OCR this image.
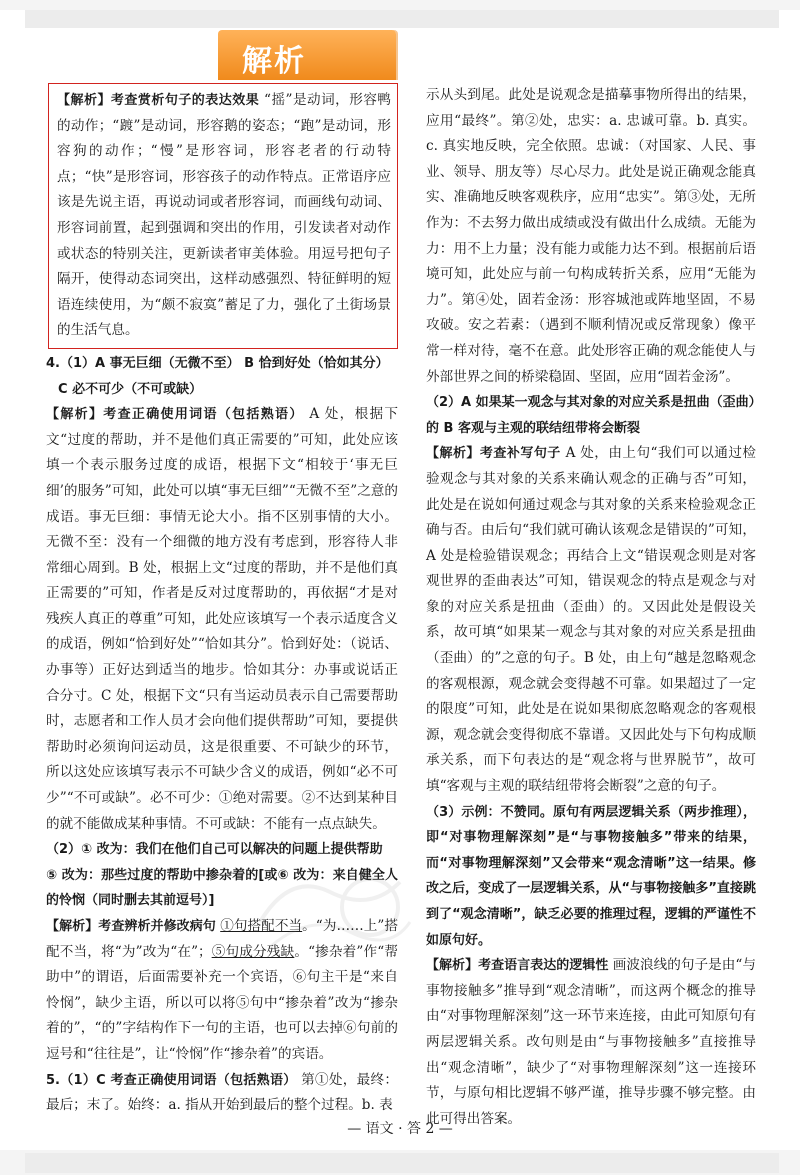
解析

【解析】考查赏析句子的表达效果 “摇”是动词，形容鸭的动作；“踱”是动词，形容鹅的姿态；“跑”是动词，形容狗的动作；“慢”是形容词，形容老者的行动特点；“快”是形容词，形容孩子的动作特点。正常语序应该是先说主语，再说动词或者形容词，而画线句动词、形容词前置，起到强调和突出的作用，引发读者对动作或状态的特别关注，更新读者审美体验。用逗号把句子隔开，使得动态词突出，这样动感强烈、特征鲜明的短语连续使用，为“颇不寂寞”蓄足了力，强化了土街场景的生活气息。

4.（1）A 事无巨细（无微不至） B 恰到好处（恰如其分）

C 必不可少（不可或缺）

【解析】考查正确使用词语（包括熟语） A 处，根据下文“过度的帮助，并不是他们真正需要的”可知，此处应该填一个表示服务过度的成语，根据下文“相较于‘事无巨细’的服务”可知，此处可以填“事无巨细”“无微不至”之意的成语。事无巨细：事情无论大小。指不区别事情的大小。无微不至：没有一个细微的地方没有考虑到，形容待人非常细心周到。B 处，根据上文“过度的帮助，并不是他们真正需要的”可知，作者是反对过度帮助的，再依据“才是对残疾人真正的尊重”可知，此处应该填写一个表示适度含义的成语，例如“恰到好处”“恰如其分”。恰到好处：（说话、办事等）正好达到适当的地步。恰如其分：办事或说话正合分寸。C 处，根据下文“只有当运动员表示自己需要帮助时，志愿者和工作人员才会向他们提供帮助”可知，要提供帮助时必须询问运动员，这是很重要、不可缺少的环节，所以这处应该填写表示不可缺少含义的成语，例如“必不可少”“不可或缺”。必不可少：①绝对需要。②不达到某种目的就不能做成某种事情。不可或缺：不能有一点点缺失。

（2）① 改为：我们在他们自己可以解决的问题上提供帮助

⑤ 改为：那些过度的帮助中掺杂着的[或⑥ 改为：来自健全人的怜悯（同时删去其前逗号）]

【解析】考查辨析并修改病句 ①句搭配不当。“为……上”搭配不当，将“为”改为“在”；⑤句成分残缺。“掺杂着”作“帮助中”的谓语，后面需要补充一个宾语，⑥句主干是“来自怜悯”，缺少主语，所以可以将⑤句中“掺杂着”改为“掺杂着的”，“的”字结构作下一句的主语，也可以去掉⑥句前的逗号和“往往是”，让“怜悯”作“掺杂着”的宾语。

5.（1）C 考查正确使用词语（包括熟语） 第①处，最终：最后；末了。始终：a. 指从开始到最后的整个过程。b. 表

示从头到尾。此处是说观念是描摹事物所得出的结果，应用“最终”。第②处，忠实：a. 忠诚可靠。b. 真实。c. 真实地反映，完全依照。忠诚：（对国家、人民、事业、领导、朋友等）尽心尽力。此处是说正确观念能真实、准确地反映客观秩序，应用“忠实”。第③处，无所作为：不去努力做出成绩或没有做出什么成绩。无能为力：用不上力量；没有能力或能力达不到。根据前后语境可知，此处应与前一句构成转折关系，应用“无能为力”。第④处，固若金汤：形容城池或阵地坚固，不易攻破。安之若素：（遇到不顺利情况或反常现象）像平常一样对待，毫不在意。此处形容正确的观念能使人与外部世界之间的桥梁稳固、坚固，应用“固若金汤”。

（2）A 如果某一观念与其对象的对应关系是扭曲（歪曲）

的 B 客观与主观的联结纽带将会断裂

【解析】考查补写句子 A 处，由上句“我们可以通过检验观念与其对象的关系来确认观念的正确与否”可知，此处是在说如何通过观念与其对象的关系来检验观念正确与否。由后句“我们就可确认该观念是错误的”可知，A 处是检验错误观念；再结合上文“错误观念则是对客观世界的歪曲表达”可知，错误观念的特点是观念与对象的对应关系是扭曲（歪曲）的。又因此处是假设关系，故可填“如果某一观念与其对象的对应关系是扭曲（歪曲）的”之意的句子。B 处，由上句“越是忽略观念的客观根源，观念就会变得越不可靠。如果超过了一定的限度”可知，此处是在说如果彻底忽略观念的客观根源，观念就会变得彻底不靠谱。又因此处与下句构成顺承关系，而下句表达的是“观念将与世界脱节”，故可填“客观与主观的联结纽带将会断裂”之意的句子。

（3）示例：不赞同。原句有两层逻辑关系（两步推理），即“对事物理解深刻”是“与事物接触多”带来的结果，而“对事物理解深刻”又会带来“观念清晰”这一结果。修改之后，变成了一层逻辑关系，从“与事物接触多”直接跳到了“观念清晰”，缺乏必要的推理过程，逻辑的严谨性不如原句好。

【解析】考查语言表达的逻辑性 画波浪线的句子是由“与事物接触多”推导到“观念清晰”，而这两个概念的推导由“对事物理解深刻”这一环节来连接，由此可知原句有两层逻辑关系。改句则是由“与事物接触多”直接推导出“观念清晰”，缺少了“对事物理解深刻”这一连接环节，与原句相比逻辑不够严谨，推导步骤不够完整。由此可得出答案。

— 语文 · 答 2 —
